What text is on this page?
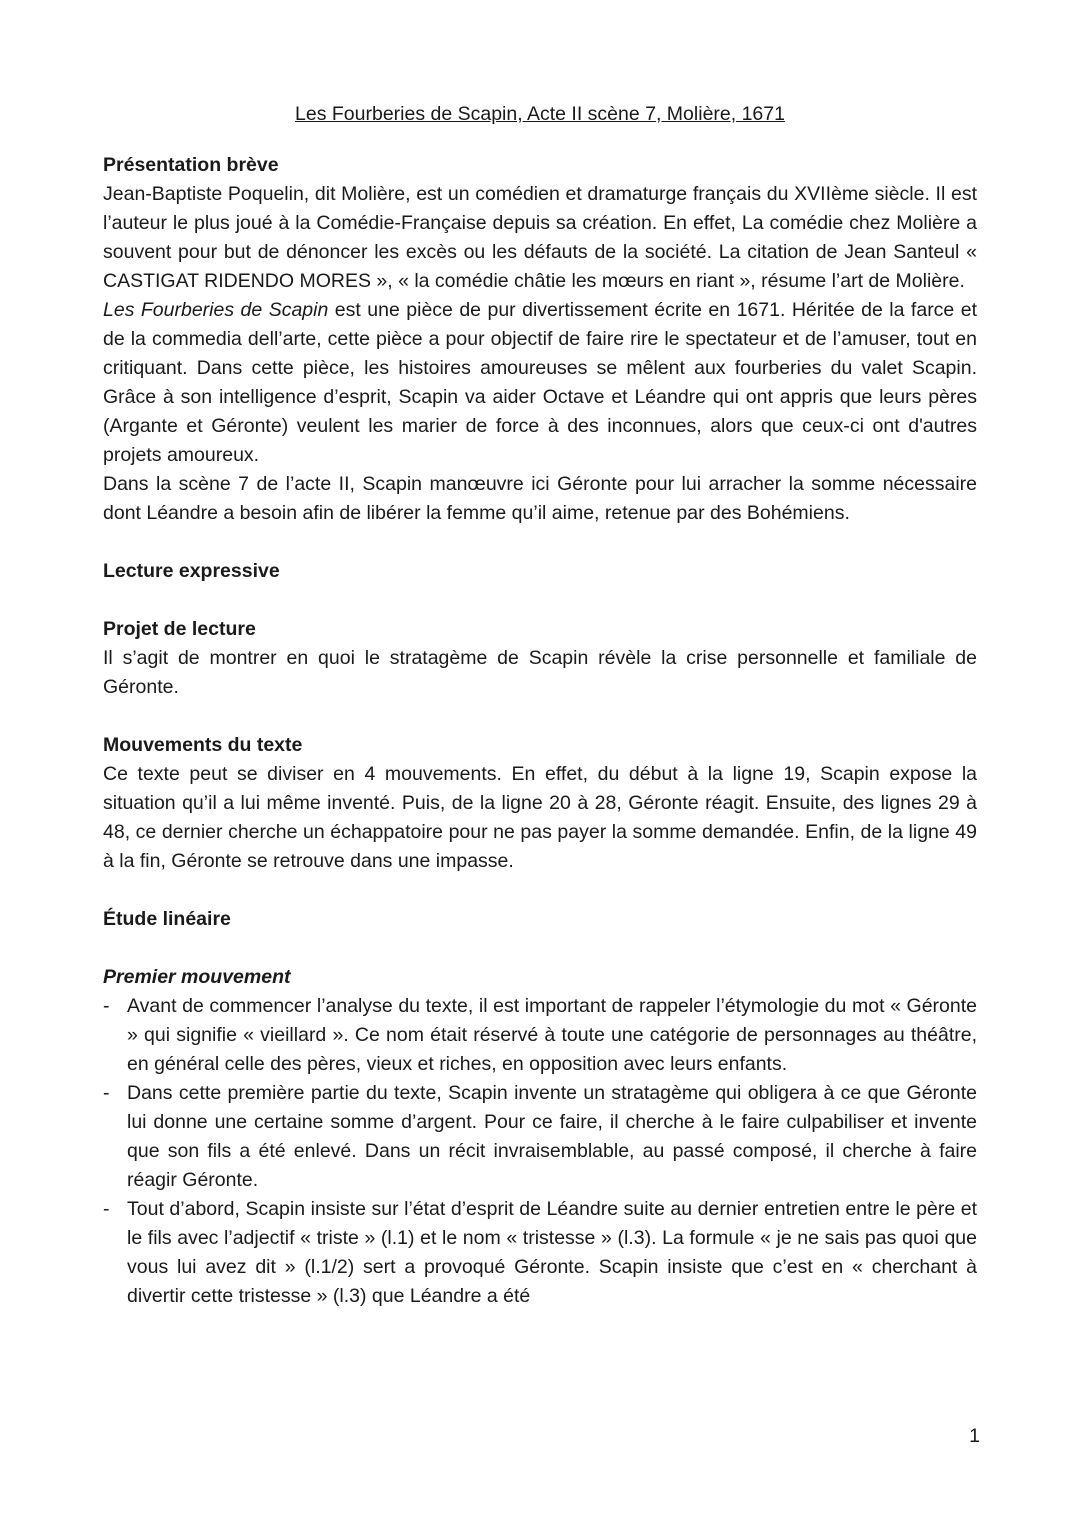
Les Fourberies de Scapin, Acte II scène 7, Molière, 1671
Présentation brève

Jean-Baptiste Poquelin, dit Molière, est un comédien et dramaturge français du XVIIème siècle. Il est l’auteur le plus joué à la Comédie-Française depuis sa création. En effet, La comédie chez Molière a souvent pour but de dénoncer les excès ou les défauts de la société. La citation de Jean Santeul « CASTIGAT RIDENDO MORES », « la comédie châtie les mœurs en riant », résume l’art de Molière.

Les Fourberies de Scapin est une pièce de pur divertissement écrite en 1671. Héritée de la farce et de la commedia dell’arte, cette pièce a pour objectif de faire rire le spectateur et de l’amuser, tout en critiquant. Dans cette pièce, les histoires amoureuses se mêlent aux fourberies du valet Scapin. Grâce à son intelligence d’esprit, Scapin va aider Octave et Léandre qui ont appris que leurs pères (Argante et Géronte) veulent les marier de force à des inconnues, alors que ceux-ci ont d'autres projets amoureux.

Dans la scène 7 de l’acte II, Scapin manœuvre ici Géronte pour lui arracher la somme nécessaire dont Léandre a besoin afin de libérer la femme qu’il aime, retenue par des Bohémiens.

Lecture expressive
Projet de lecture

Il s’agit de montrer en quoi le stratagème de Scapin révèle la crise personnelle et familiale de Géronte.

Mouvements du texte

Ce texte peut se diviser en 4 mouvements. En effet, du début à la ligne 19, Scapin expose la situation qu’il a lui même inventé. Puis, de la ligne 20 à 28, Géronte réagit. Ensuite, des lignes 29 à 48, ce dernier cherche un échappatoire pour ne pas payer la somme demandée. Enfin, de la ligne 49 à la fin, Géronte se retrouve dans une impasse.

Étude linéaire
Premier mouvement
- Avant de commencer l’analyse du texte, il est important de rappeler l’étymologie du mot « Géronte » qui signifie « vieillard ». Ce nom était réservé à toute une catégorie de personnages au théâtre, en général celle des pères, vieux et riches, en opposition avec leurs enfants.
- Dans cette première partie du texte, Scapin invente un stratagème qui obligera à ce que Géronte lui donne une certaine somme d’argent. Pour ce faire, il cherche à le faire culpabiliser et invente que son fils a été enlevé. Dans un récit invraisemblable, au passé composé, il cherche à faire réagir Géronte.
- Tout d’abord, Scapin insiste sur l’état d’esprit de Léandre suite au dernier entretien entre le père et le fils avec l’adjectif « triste » (l.1) et le nom « tristesse » (l.3). La formule « je ne sais pas quoi que vous lui avez dit » (l.1/2) sert a provoqué Géronte. Scapin insiste que c’est en « cherchant à divertir cette tristesse » (l.3) que Léandre a été
1
